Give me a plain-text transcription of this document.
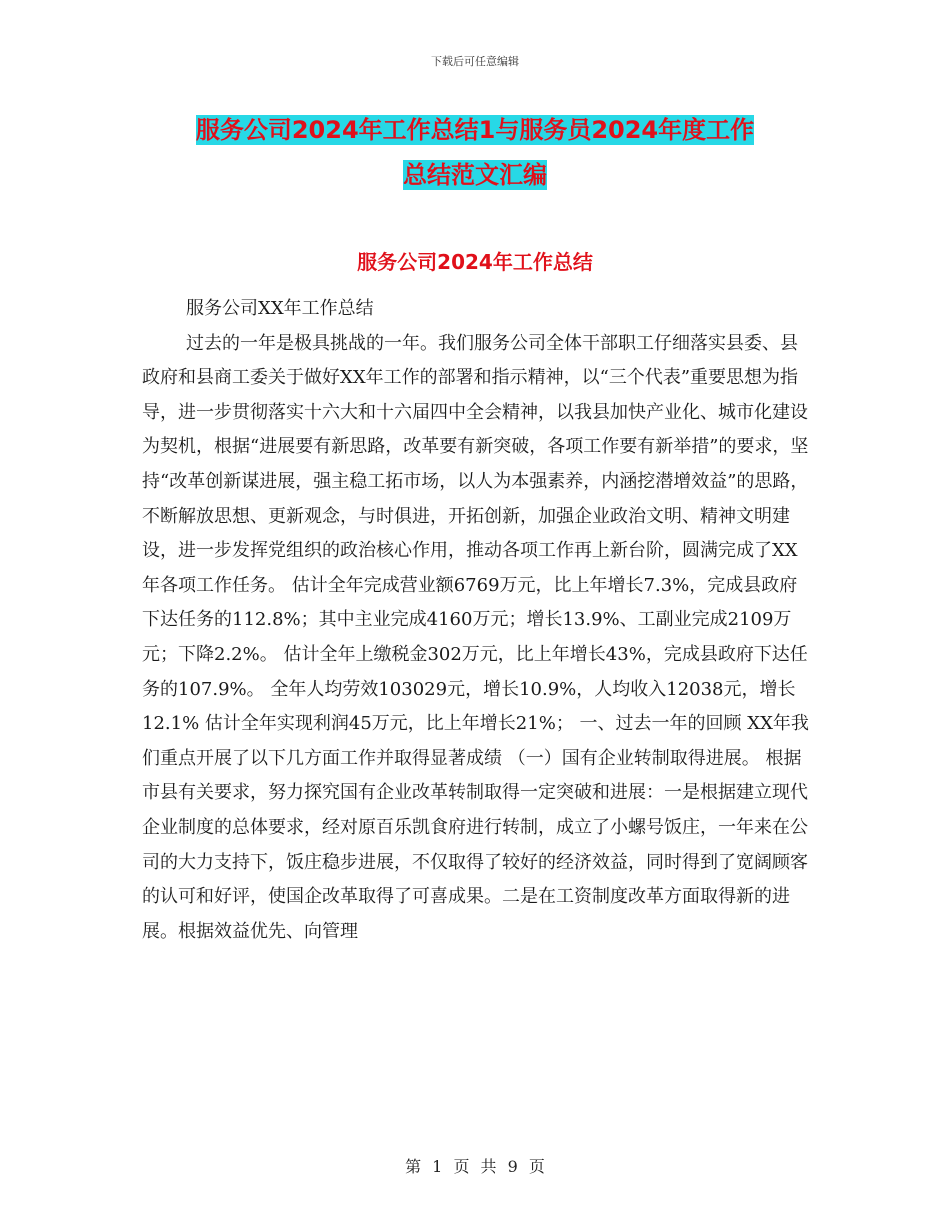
下载后可任意编辑
服务公司2024年工作总结1与服务员2024年度工作
总结范文汇编
服务公司2024年工作总结

服务公司XX年工作总结

过去的一年是极具挑战的一年。我们服务公司全体干部职工仔细落实县委、县政府和县商工委关于做好XX年工作的部署和指示精神，以“三个代表”重要思想为指导，进一步贯彻落实十六大和十六届四中全会精神，以我县加快产业化、城市化建设为契机，根据“进展要有新思路，改革要有新突破，各项工作要有新举措”的要求，坚持“改革创新谋进展，强主稳工拓市场，以人为本强素养，内涵挖潜增效益”的思路，不断解放思想、更新观念，与时俱进，开拓创新，加强企业政治文明、精神文明建设，进一步发挥党组织的政治核心作用，推动各项工作再上新台阶，圆满完成了XX年各项工作任务。 估计全年完成营业额6769万元，比上年增长7.3%，完成县政府下达任务的112.8%；其中主业完成4160万元；增长13.9%、工副业完成2109万元；下降2.2%。 估计全年上缴税金302万元，比上年增长43%，完成县政府下达任务的107.9%。 全年人均劳效103029元，增长10.9%，人均收入12038元，增长12.1% 估计全年实现利润45万元，比上年增长21%； 一、过去一年的回顾 XX年我们重点开展了以下几方面工作并取得显著成绩 （一）国有企业转制取得进展。 根据市县有关要求，努力探究国有企业改革转制取得一定突破和进展：一是根据建立现代企业制度的总体要求，经对原百乐凯食府进行转制，成立了小螺号饭庄，一年来在公司的大力支持下，饭庄稳步进展，不仅取得了较好的经济效益，同时得到了宽阔顾客的认可和好评，使国企改革取得了可喜成果。二是在工资制度改革方面取得新的进展。根据效益优先、向管理

第 1 页 共 9 页
